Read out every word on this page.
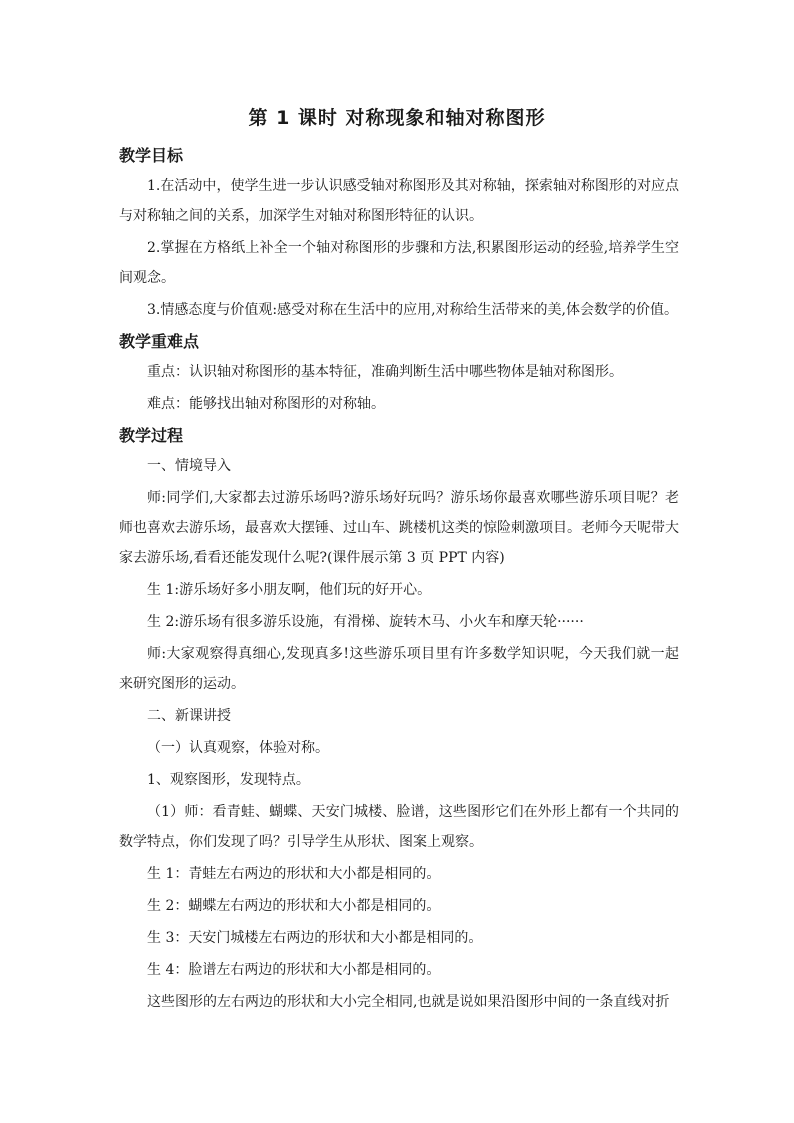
第 1 课时 对称现象和轴对称图形
教学目标
1.在活动中，使学生进一步认识感受轴对称图形及其对称轴，探索轴对称图形的对应点与对称轴之间的关系，加深学生对轴对称图形特征的认识。
2.掌握在方格纸上补全一个轴对称图形的步骤和方法,积累图形运动的经验,培养学生空间观念。
3.情感态度与价值观:感受对称在生活中的应用,对称给生活带来的美,体会数学的价值。
教学重难点
重点：认识轴对称图形的基本特征，准确判断生活中哪些物体是轴对称图形。
难点：能够找出轴对称图形的对称轴。
教学过程
一、情境导入
师:同学们,大家都去过游乐场吗?游乐场好玩吗？游乐场你最喜欢哪些游乐项目呢？老师也喜欢去游乐场，最喜欢大摆锤、过山车、跳楼机这类的惊险刺激项目。老师今天呢带大家去游乐场,看看还能发现什么呢?(课件展示第 3 页 PPT 内容)
生 1:游乐场好多小朋友啊，他们玩的好开心。
生 2:游乐场有很多游乐设施，有滑梯、旋转木马、小火车和摩天轮······
师:大家观察得真细心,发现真多!这些游乐项目里有许多数学知识呢，今天我们就一起来研究图形的运动。
二、新课讲授
（一）认真观察，体验对称。
1、观察图形，发现特点。
（1）师：看青蛙、蝴蝶、天安门城楼、脸谱，这些图形它们在外形上都有一个共同的数学特点，你们发现了吗？引导学生从形状、图案上观察。
生 1：青蛙左右两边的形状和大小都是相同的。
生 2：蝴蝶左右两边的形状和大小都是相同的。
生 3：天安门城楼左右两边的形状和大小都是相同的。
生 4：脸谱左右两边的形状和大小都是相同的。
这些图形的左右两边的形状和大小完全相同,也就是说如果沿图形中间的一条直线对折
